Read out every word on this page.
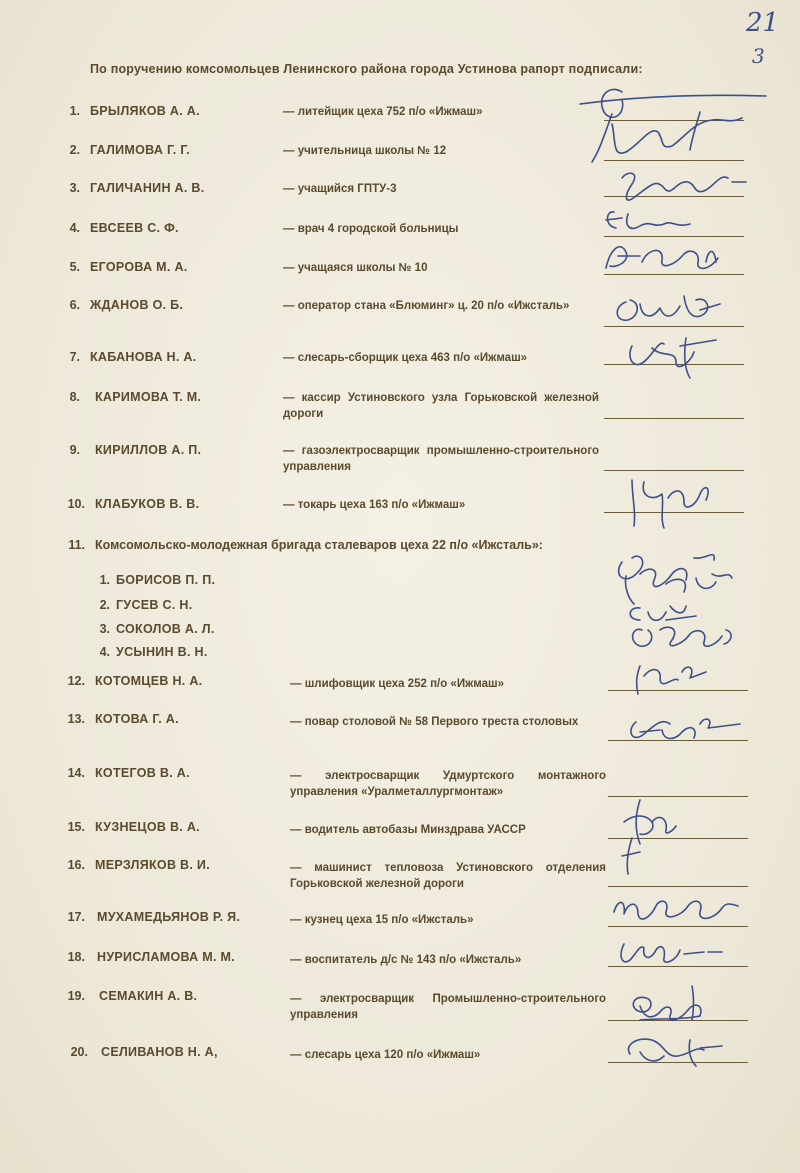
21
3
По поручению комсомольцев Ленинского района города Устинова рапорт подписали:
1. БРЫЛЯКОВ А. А.	— литейщик цеха 752 п/о «Ижмаш»
2. ГАЛИМОВА Г. Г.	— учительница школы № 12
3. ГАЛИЧАНИН А. В.	— учащийся ГПТУ-3
4. ЕВСЕЕВ С. Ф.	— врач 4 городской больницы
5. ЕГОРОВА М. А.	— учащаяся школы № 10
6. ЖДАНОВ О. Б.	— оператор стана «Блюминг» ц. 20 п/о «Ижсталь»
7. КАБАНОВА Н. А.	— слесарь-сборщик цеха 463 п/о «Ижмаш»
8. КАРИМОВА Т. М.	— кассир Устиновского узла Горьковской железной дороги
9. КИРИЛЛОВ А. П.	— газоэлектросварщик промышленно-строительного управления
10. КЛАБУКОВ В. В.	— токарь цеха 163 п/о «Ижмаш»
11. Комсомольско-молодежная бригада сталеваров цеха 22 п/о «Ижсталь»:
1. БОРИСОВ П. П.
2. ГУСЕВ С. Н.
3. СОКОЛОВ А. Л.
4. УСЫНИН В. Н.
12. КОТОМЦЕВ Н. А.	— шлифовщик цеха 252 п/о «Ижмаш»
13. КОТОВА Г. А.	— повар столовой № 58 Первого треста столовых
14. КОТЕГОВ В. А.	— электросварщик Удмуртского монтажного управления «Уралметаллургмонтаж»
15. КУЗНЕЦОВ В. А.	— водитель автобазы Минздрава УАССР
16. МЕРЗЛЯКОВ В. И.	— машинист тепловоза Устиновского отделения Горьковской железной дороги
17. МУХАМЕДЬЯНОВ Р. Я.	— кузнец цеха 15 п/о «Ижсталь»
18. НУРИСЛАМОВА М. М.	— воспитатель д/с № 143 п/о «Ижсталь»
19. СЕМАКИН А. В.	— электросварщик Промышленно-строительного управления
20. СЕЛИВАНОВ Н. А,	— слесарь цеха 120 п/о «Ижмаш»
